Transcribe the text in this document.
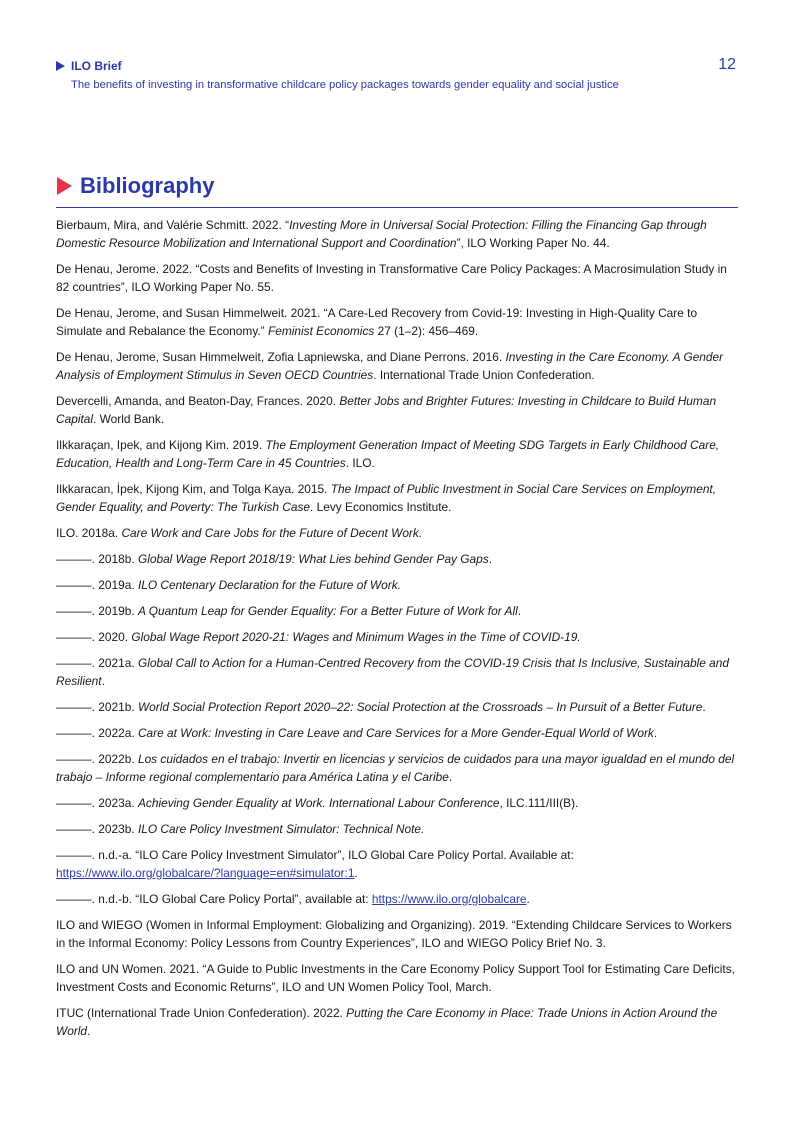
ILO Brief
The benefits of investing in transformative childcare policy packages towards gender equality and social justice
12
Bibliography

Bierbaum, Mira, and Valérie Schmitt. 2022. “Investing More in Universal Social Protection: Filling the Financing Gap through Domestic Resource Mobilization and International Support and Coordination”, ILO Working Paper No. 44.

De Henau, Jerome. 2022. “Costs and Benefits of Investing in Transformative Care Policy Packages: A Macrosimulation Study in 82 countries”, ILO Working Paper No. 55.

De Henau, Jerome, and Susan Himmelweit. 2021. “A Care-Led Recovery from Covid-19: Investing in High-Quality Care to Simulate and Rebalance the Economy.” Feminist Economics 27 (1–2): 456–469.

De Henau, Jerome, Susan Himmelweit, Zofia Lapniewska, and Diane Perrons. 2016. Investing in the Care Economy. A Gender Analysis of Employment Stimulus in Seven OECD Countries. International Trade Union Confederation.

Devercelli, Amanda, and Beaton-Day, Frances. 2020. Better Jobs and Brighter Futures: Investing in Childcare to Build Human Capital. World Bank.

Ilkkaraçan, Ipek, and Kijong Kim. 2019. The Employment Generation Impact of Meeting SDG Targets in Early Childhood Care, Education, Health and Long-Term Care in 45 Countries. ILO.

Ilkkaracan, İpek, Kijong Kim, and Tolga Kaya. 2015. The Impact of Public Investment in Social Care Services on Employment, Gender Equality, and Poverty: The Turkish Case. Levy Economics Institute.

ILO. 2018a. Care Work and Care Jobs for the Future of Decent Work.

———. 2018b. Global Wage Report 2018/19: What Lies behind Gender Pay Gaps.

———. 2019a. ILO Centenary Declaration for the Future of Work.

———. 2019b. A Quantum Leap for Gender Equality: For a Better Future of Work for All.

———. 2020. Global Wage Report 2020-21: Wages and Minimum Wages in the Time of COVID-19.

———. 2021a. Global Call to Action for a Human-Centred Recovery from the COVID-19 Crisis that Is Inclusive, Sustainable and Resilient.

———. 2021b. World Social Protection Report 2020–22: Social Protection at the Crossroads – In Pursuit of a Better Future.

———. 2022a. Care at Work: Investing in Care Leave and Care Services for a More Gender-Equal World of Work.

———. 2022b. Los cuidados en el trabajo: Invertir en licencias y servicios de cuidados para una mayor igualdad en el mundo del trabajo – Informe regional complementario para América Latina y el Caribe.

———. 2023a. Achieving Gender Equality at Work. International Labour Conference, ILC.111/III(B).

———. 2023b. ILO Care Policy Investment Simulator: Technical Note.

———. n.d.-a. “ILO Care Policy Investment Simulator”, ILO Global Care Policy Portal. Available at: https://www.ilo.org/globalcare/?language=en#simulator:1.

———. n.d.-b. “ILO Global Care Policy Portal”, available at: https://www.ilo.org/globalcare.

ILO and WIEGO (Women in Informal Employment: Globalizing and Organizing). 2019. “Extending Childcare Services to Workers in the Informal Economy: Policy Lessons from Country Experiences”, ILO and WIEGO Policy Brief No. 3.

ILO and UN Women. 2021. “A Guide to Public Investments in the Care Economy Policy Support Tool for Estimating Care Deficits, Investment Costs and Economic Returns”, ILO and UN Women Policy Tool, March.

ITUC (International Trade Union Confederation). 2022. Putting the Care Economy in Place: Trade Unions in Action Around the World.
